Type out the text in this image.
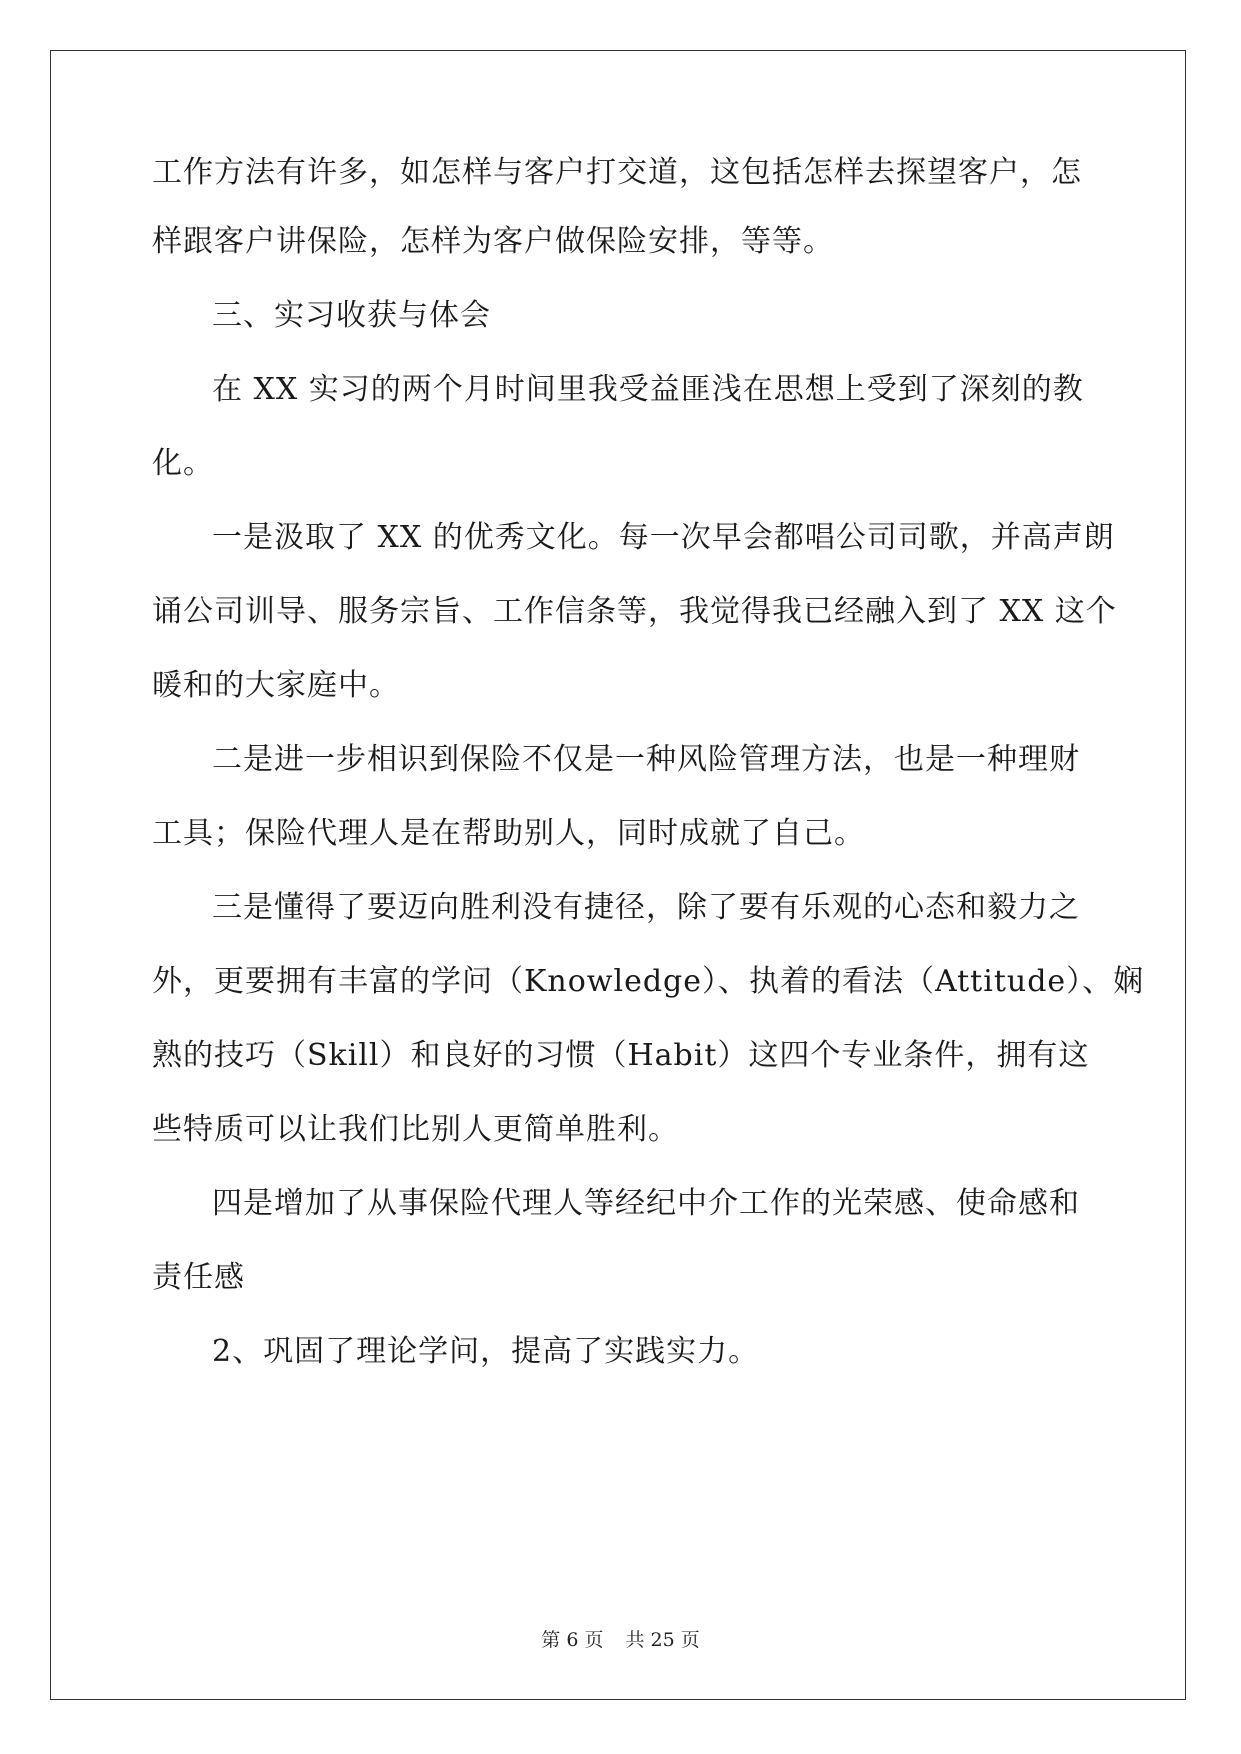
工作方法有许多，如怎样与客户打交道，这包括怎样去探望客户，怎
样跟客户讲保险，怎样为客户做保险安排，等等。
三、实习收获与体会
在 XX 实习的两个月时间里我受益匪浅在思想上受到了深刻的教
化。
一是汲取了 XX 的优秀文化。每一次早会都唱公司司歌，并高声朗
诵公司训导、服务宗旨、工作信条等，我觉得我已经融入到了 XX 这个
暖和的大家庭中。
二是进一步相识到保险不仅是一种风险管理方法，也是一种理财
工具；保险代理人是在帮助别人，同时成就了自己。
三是懂得了要迈向胜利没有捷径，除了要有乐观的心态和毅力之
外，更要拥有丰富的学问（Knowledge）、执着的看法（Attitude）、娴
熟的技巧（Skill）和良好的习惯（Habit）这四个专业条件，拥有这
些特质可以让我们比别人更简单胜利。
四是增加了从事保险代理人等经纪中介工作的光荣感、使命感和
责任感
2、巩固了理论学问，提高了实践实力。
第 6 页 共 25 页
